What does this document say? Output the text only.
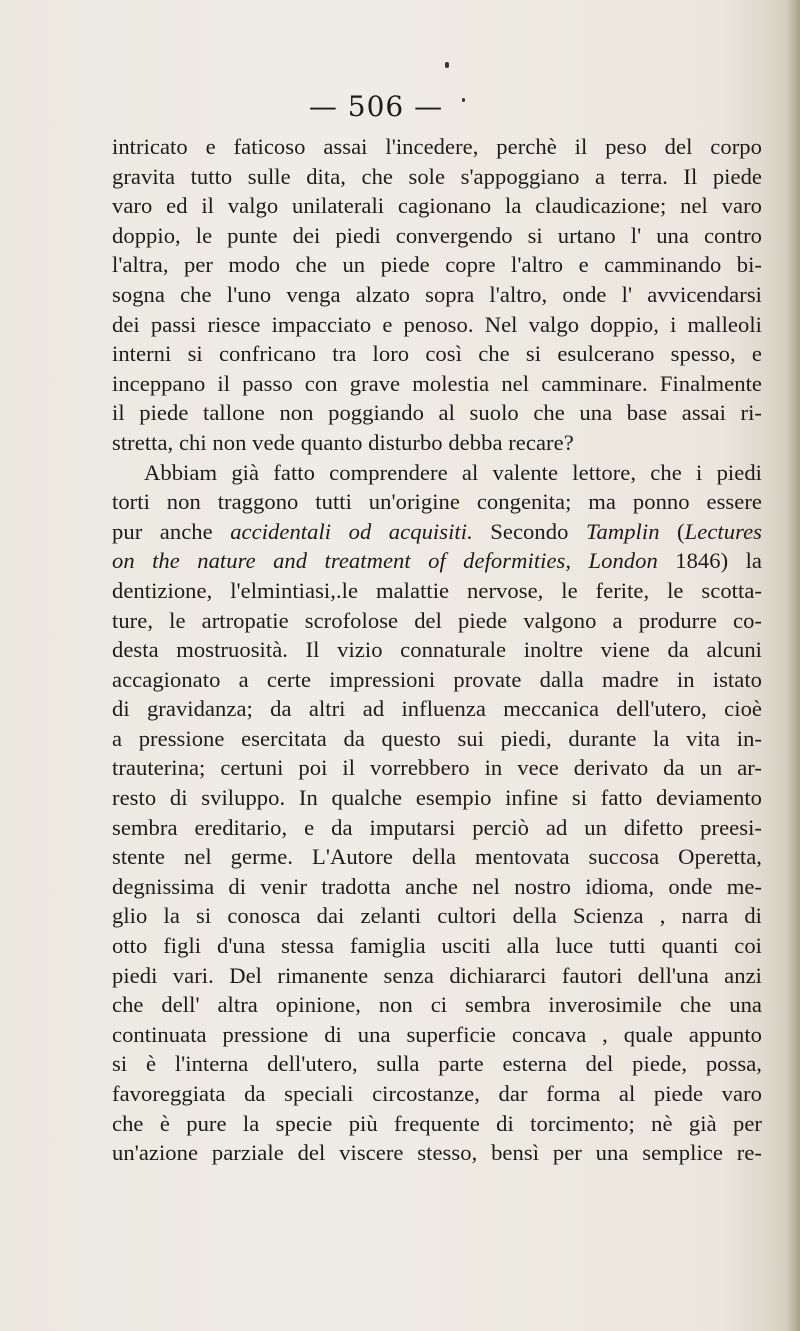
— 506 —
intricato e faticoso assai l'incedere, perchè il peso del corpo
gravita tutto sulle dita, che sole s'appoggiano a terra. Il piede
varo ed il valgo unilaterali cagionano la claudicazione; nel varo
doppio, le punte dei piedi convergendo si urtano l' una contro
l'altra, per modo che un piede copre l'altro e camminando bi-
sogna che l'uno venga alzato sopra l'altro, onde l' avvicendarsi
dei passi riesce impacciato e penoso. Nel valgo doppio, i malleoli
interni si confricano tra loro così che si esulcerano spesso, e
inceppano il passo con grave molestia nel camminare. Finalmente
il piede tallone non poggiando al suolo che una base assai ri-
stretta, chi non vede quanto disturbo debba recare?
Abbiam già fatto comprendere al valente lettore, che i piedi
torti non traggono tutti un'origine congenita; ma ponno essere
pur anche accidentali od acquisiti. Secondo Tamplin (Lectures
on the nature and treatment of deformities, London 1846) la
dentizione, l'elmintiasi,.le malattie nervose, le ferite, le scotta-
ture, le artropatie scrofolose del piede valgono a produrre co-
desta mostruosità. Il vizio connaturale inoltre viene da alcuni
accagionato a certe impressioni provate dalla madre in istato
di gravidanza; da altri ad influenza meccanica dell'utero, cioè
a pressione esercitata da questo sui piedi, durante la vita in-
trauterina; certuni poi il vorrebbero in vece derivato da un ar-
resto di sviluppo. In qualche esempio infine si fatto deviamento
sembra ereditario, e da imputarsi perciò ad un difetto preesi-
stente nel germe. L'Autore della mentovata succosa Operetta,
degnissima di venir tradotta anche nel nostro idioma, onde me-
glio la si conosca dai zelanti cultori della Scienza , narra di
otto figli d'una stessa famiglia usciti alla luce tutti quanti coi
piedi vari. Del rimanente senza dichiararci fautori dell'una anzi
che dell' altra opinione, non ci sembra inverosimile che una
continuata pressione di una superficie concava , quale appunto
si è l'interna dell'utero, sulla parte esterna del piede, possa,
favoreggiata da speciali circostanze, dar forma al piede varo
che è pure la specie più frequente di torcimento; nè già per
un'azione parziale del viscere stesso, bensì per una semplice re-
